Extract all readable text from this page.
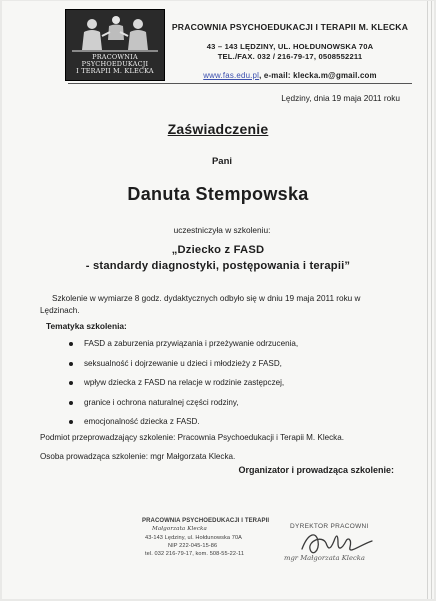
PRACOWNIA
PSYCHOEDUKACJI
I TERAPII M. KLECKA
PRACOWNIA PSYCHOEDUKACJI I TERAPII M. KLECKA
43 – 143 LĘDZINY, UL. HOŁDUNOWSKA 70A
TEL./FAX. 032 / 216-79-17, 0508552211
www.fas.edu.pl, e-mail: klecka.m@gmail.com
Lędziny, dnia 19 maja 2011 roku
Zaświadczenie
Pani
Danuta Stempowska
uczestniczyła w szkoleniu:
„Dziecko z FASD
- standardy diagnostyki, postępowania i terapii”
Szkolenie w wymiarze 8 godz. dydaktycznych odbyło się w dniu 19 maja 2011 roku w Lędzinach.
Tematyka szkolenia:
FASD a zaburzenia przywiązania i przeżywanie odrzucenia,
seksualność i dojrzewanie u dzieci i młodzieży z FASD,
wpływ dziecka z FASD na relacje w rodzinie zastępczej,
granice i ochrona naturalnej części rodziny,
emocjonalność dziecka z FASD.
Podmiot przeprowadzający szkolenie: Pracownia Psychoedukacji i Terapii M. Klecka.
Osoba prowadząca szkolenie: mgr Małgorzata Klecka.
Organizator i prowadząca szkolenie:
PRACOWNIA PSYCHOEDUKACJI I TERAPII
Małgorzata Klecka
43-143 Lędziny, ul. Hołdunowska 70A
NIP 222-045-15-86
tel. 032 216-79-17, kom. 508-55-22-11
DYREKTOR PRACOWNI
mgr Małgorzata Klecka
